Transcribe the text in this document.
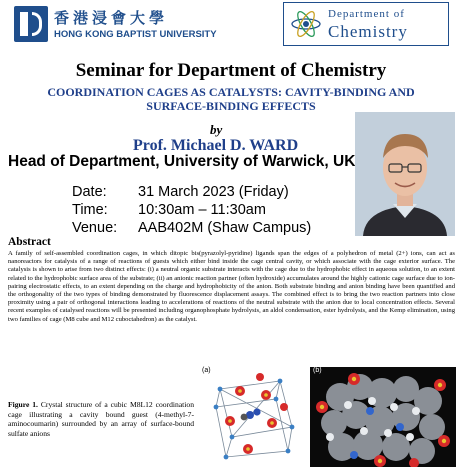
香港浸會大學
HONG KONG BAPTIST UNIVERSITY
Department of
Chemistry
Seminar for Department of Chemistry
COORDINATION CAGES AS CATALYSTS: CAVITY-BINDING AND
SURFACE-BINDING EFFECTS
by
Prof. Michael D. WARD
Head of Department, University of Warwick, UK
Date:	31 March 2023 (Friday)
Time:	10:30am – 11:30am
Venue:	AAB402M (Shaw Campus)
Abstract
A family of self-assembled coordination cages, in which ditopic bis(pyrazolyl-pyridine) ligands span the edges of a polyhedron of metal (2+) ions, can act as nanoreactors for catalysis of a range of reactions of guests which either bind inside the cage central cavity, or which associate with the cage exterior surface. The catalysis is shown to arise from two distinct effects: (i) a neutral organic substrate interacts with the cage due to the hydrophobic effect in aqueous solution, to an extent related to the hydrophobic surface area of the substrate; (ii) an anionic reaction partner (often hydroxide) accumulates around the highly cationic cage surface due to ion-pairing electrostatic effects, to an extent depending on the charge and hydrophobicity of the anion. Both substrate binding and anion binding have been quantified and the orthogonality of the two types of binding demonstrated by fluorescence displacement assays. The combined effect is to bring the two reaction partners into close proximity using a pair of orthogonal interactions leading to accelerations of reactions of the neutral substrate with the anion due to local concentration effects. Several recent examples of catalysed reactions will be presented including organophosphate hydrolysis, an aldol condensation, ester hydrolysis, and the Kemp elimination, using two families of cage (M8 cube and M12 cuboctahedron) as the catalyst.
Figure 1. Crystal structure of a cubic M8L12 coordination cage illustrating a cavity bound guest (4-methyl-7- aminocoumarin) surrounded by an array of surface-bound sulfate anions
(a)	(b)
